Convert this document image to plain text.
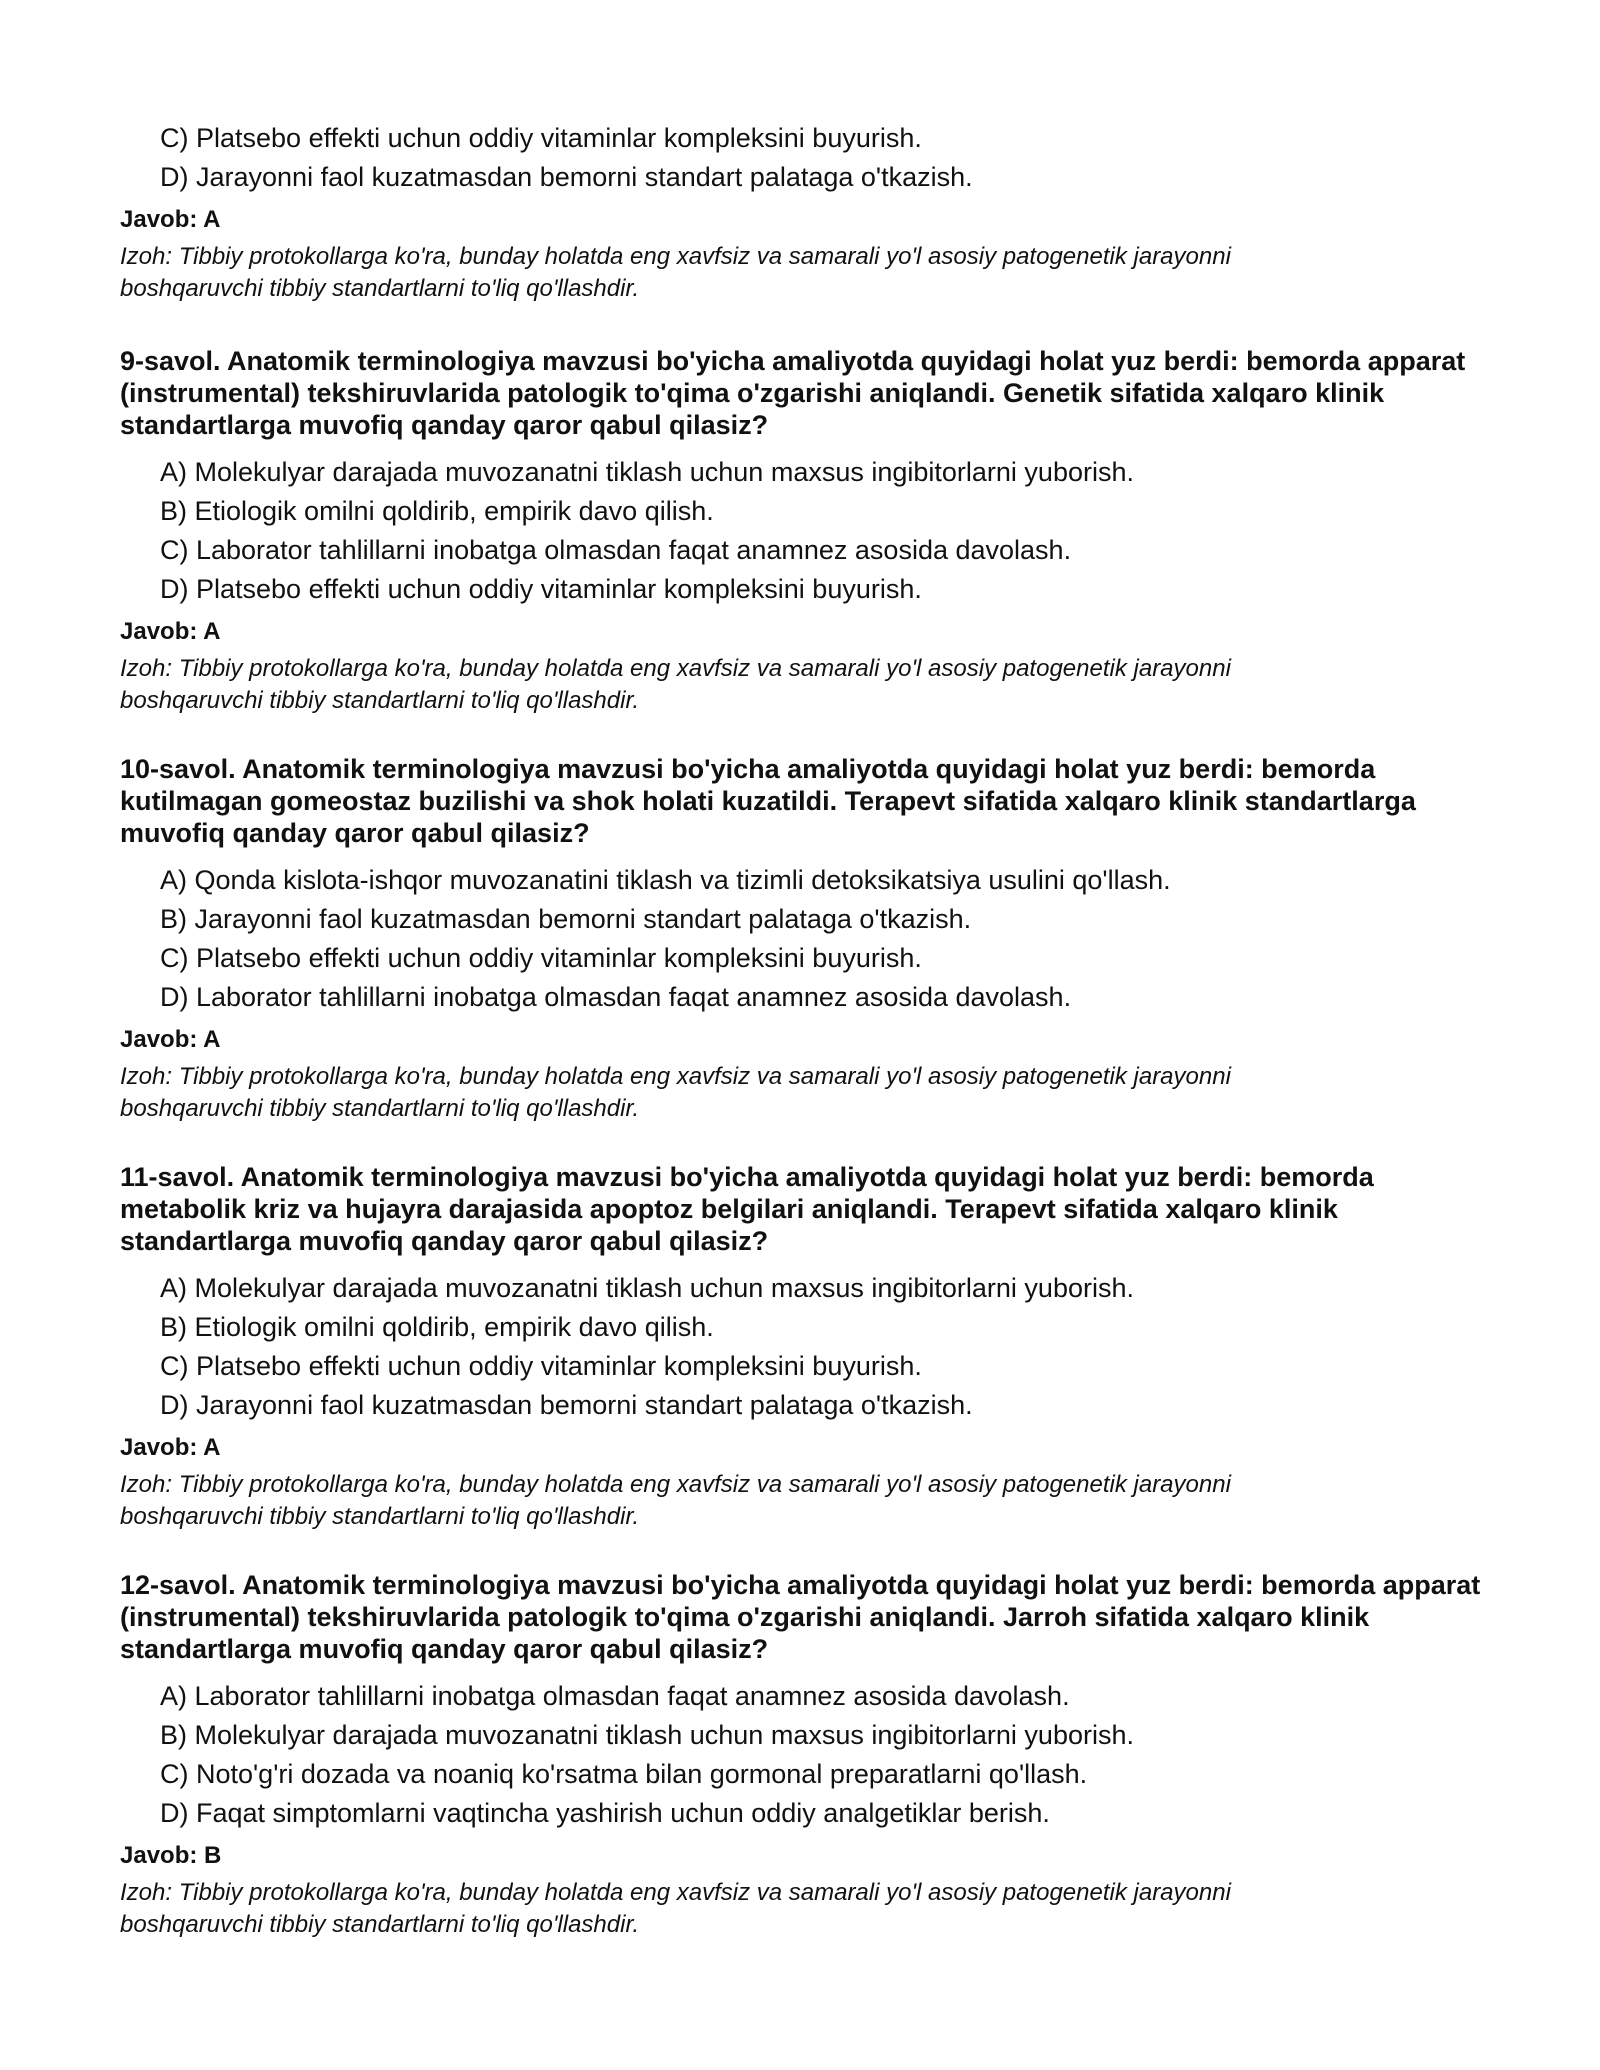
C) Platsebo effekti uchun oddiy vitaminlar kompleksini buyurish.
D) Jarayonni faol kuzatmasdan bemorni standart palataga o'tkazish.
Javob: A
Izoh: Tibbiy protokollarga ko'ra, bunday holatda eng xavfsiz va samarali yo'l asosiy patogenetik jarayonni boshqaruvchi tibbiy standartlarni to'liq qo'llashdir.

9-savol. Anatomik terminologiya mavzusi bo'yicha amaliyotda quyidagi holat yuz berdi: bemorda apparat (instrumental) tekshiruvlarida patologik to'qima o'zgarishi aniqlandi. Genetik sifatida xalqaro klinik standartlarga muvofiq qanday qaror qabul qilasiz?

A) Molekulyar darajada muvozanatni tiklash uchun maxsus ingibitorlarni yuborish.
B) Etiologik omilni qoldirib, empirik davo qilish.
C) Laborator tahlillarni inobatga olmasdan faqat anamnez asosida davolash.
D) Platsebo effekti uchun oddiy vitaminlar kompleksini buyurish.
Javob: A
Izoh: Tibbiy protokollarga ko'ra, bunday holatda eng xavfsiz va samarali yo'l asosiy patogenetik jarayonni boshqaruvchi tibbiy standartlarni to'liq qo'llashdir.

10-savol. Anatomik terminologiya mavzusi bo'yicha amaliyotda quyidagi holat yuz berdi: bemorda kutilmagan gomeostaz buzilishi va shok holati kuzatildi. Terapevt sifatida xalqaro klinik standartlarga muvofiq qanday qaror qabul qilasiz?

A) Qonda kislota-ishqor muvozanatini tiklash va tizimli detoksikatsiya usulini qo'llash.
B) Jarayonni faol kuzatmasdan bemorni standart palataga o'tkazish.
C) Platsebo effekti uchun oddiy vitaminlar kompleksini buyurish.
D) Laborator tahlillarni inobatga olmasdan faqat anamnez asosida davolash.
Javob: A
Izoh: Tibbiy protokollarga ko'ra, bunday holatda eng xavfsiz va samarali yo'l asosiy patogenetik jarayonni boshqaruvchi tibbiy standartlarni to'liq qo'llashdir.

11-savol. Anatomik terminologiya mavzusi bo'yicha amaliyotda quyidagi holat yuz berdi: bemorda metabolik kriz va hujayra darajasida apoptoz belgilari aniqlandi. Terapevt sifatida xalqaro klinik standartlarga muvofiq qanday qaror qabul qilasiz?

A) Molekulyar darajada muvozanatni tiklash uchun maxsus ingibitorlarni yuborish.
B) Etiologik omilni qoldirib, empirik davo qilish.
C) Platsebo effekti uchun oddiy vitaminlar kompleksini buyurish.
D) Jarayonni faol kuzatmasdan bemorni standart palataga o'tkazish.
Javob: A
Izoh: Tibbiy protokollarga ko'ra, bunday holatda eng xavfsiz va samarali yo'l asosiy patogenetik jarayonni boshqaruvchi tibbiy standartlarni to'liq qo'llashdir.

12-savol. Anatomik terminologiya mavzusi bo'yicha amaliyotda quyidagi holat yuz berdi: bemorda apparat (instrumental) tekshiruvlarida patologik to'qima o'zgarishi aniqlandi. Jarroh sifatida xalqaro klinik standartlarga muvofiq qanday qaror qabul qilasiz?

A) Laborator tahlillarni inobatga olmasdan faqat anamnez asosida davolash.
B) Molekulyar darajada muvozanatni tiklash uchun maxsus ingibitorlarni yuborish.
C) Noto'g'ri dozada va noaniq ko'rsatma bilan gormonal preparatlarni qo'llash.
D) Faqat simptomlarni vaqtincha yashirish uchun oddiy analgetiklar berish.
Javob: B
Izoh: Tibbiy protokollarga ko'ra, bunday holatda eng xavfsiz va samarali yo'l asosiy patogenetik jarayonni boshqaruvchi tibbiy standartlarni to'liq qo'llashdir.
